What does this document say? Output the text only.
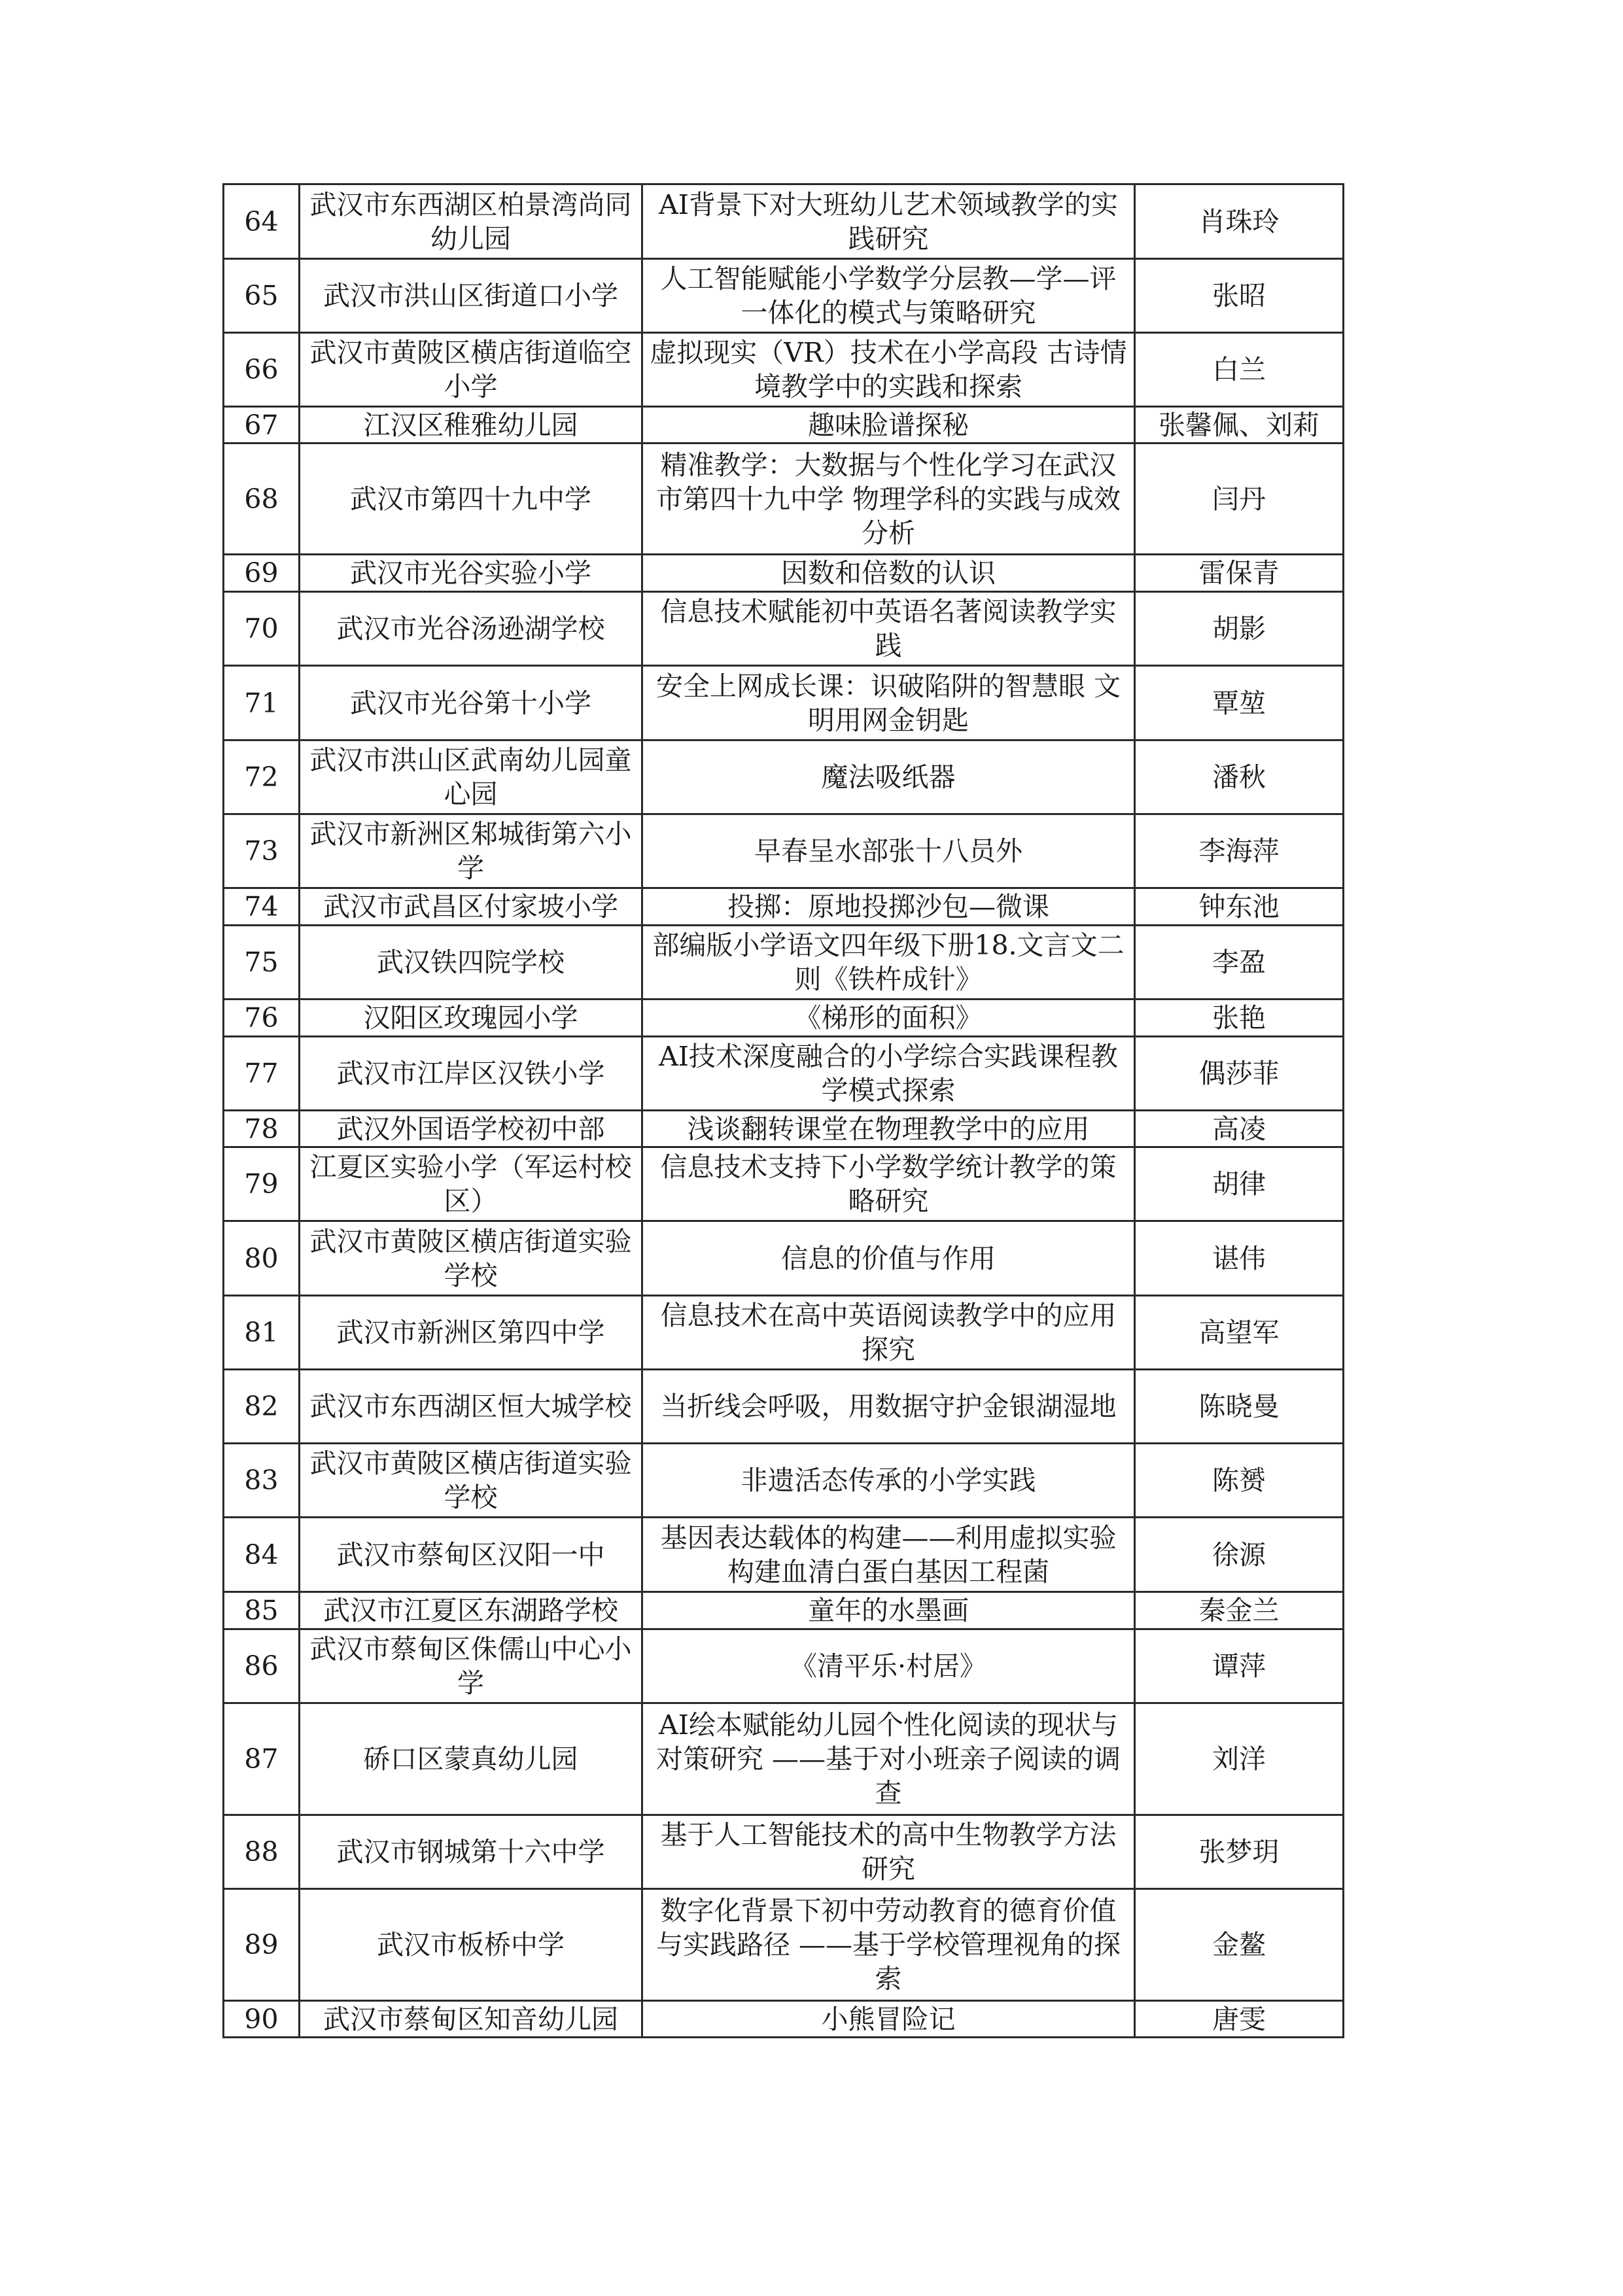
64	武汉市东西湖区柏景湾尚同幼儿园	AI背景下对大班幼儿艺术领域教学的实践研究	肖珠玲
65	武汉市洪山区街道口小学	人工智能赋能小学数学分层教—学—评一体化的模式与策略研究	张昭
66	武汉市黄陂区横店街道临空小学	虚拟现实（VR）技术在小学高段 古诗情境教学中的实践和探索	白兰
67	江汉区稚雅幼儿园	趣味脸谱探秘	张馨佩、刘莉
68	武汉市第四十九中学	精准教学：大数据与个性化学习在武汉市第四十九中学 物理学科的实践与成效分析	闫丹
69	武汉市光谷实验小学	因数和倍数的认识	雷保青
70	武汉市光谷汤逊湖学校	信息技术赋能初中英语名著阅读教学实践	胡影
71	武汉市光谷第十小学	安全上网成长课：识破陷阱的智慧眼 文明用网金钥匙	覃堃
72	武汉市洪山区武南幼儿园童心园	魔法吸纸器	潘秋
73	武汉市新洲区邾城街第六小学	早春呈水部张十八员外	李海萍
74	武汉市武昌区付家坡小学	投掷：原地投掷沙包—微课	钟东池
75	武汉铁四院学校	部编版小学语文四年级下册18.文言文二则《铁杵成针》	李盈
76	汉阳区玫瑰园小学	《梯形的面积》	张艳
77	武汉市江岸区汉铁小学	AI技术深度融合的小学综合实践课程教学模式探索	偶莎菲
78	武汉外国语学校初中部	浅谈翻转课堂在物理教学中的应用	高凌
79	江夏区实验小学（军运村校区）	信息技术支持下小学数学统计教学的策略研究	胡律
80	武汉市黄陂区横店街道实验学校	信息的价值与作用	谌伟
81	武汉市新洲区第四中学	信息技术在高中英语阅读教学中的应用探究	高望军
82	武汉市东西湖区恒大城学校	当折线会呼吸，用数据守护金银湖湿地	陈晓曼
83	武汉市黄陂区横店街道实验学校	非遗活态传承的小学实践	陈赟
84	武汉市蔡甸区汉阳一中	基因表达载体的构建——利用虚拟实验构建血清白蛋白基因工程菌	徐源
85	武汉市江夏区东湖路学校	童年的水墨画	秦金兰
86	武汉市蔡甸区侏儒山中心小学	《清平乐·村居》	谭萍
87	硚口区蒙真幼儿园	AI绘本赋能幼儿园个性化阅读的现状与对策研究 ——基于对小班亲子阅读的调查	刘洋
88	武汉市钢城第十六中学	基于人工智能技术的高中生物教学方法研究	张梦玥
89	武汉市板桥中学	数字化背景下初中劳动教育的德育价值与实践路径 ——基于学校管理视角的探索	金鳌
90	武汉市蔡甸区知音幼儿园	小熊冒险记	唐雯
